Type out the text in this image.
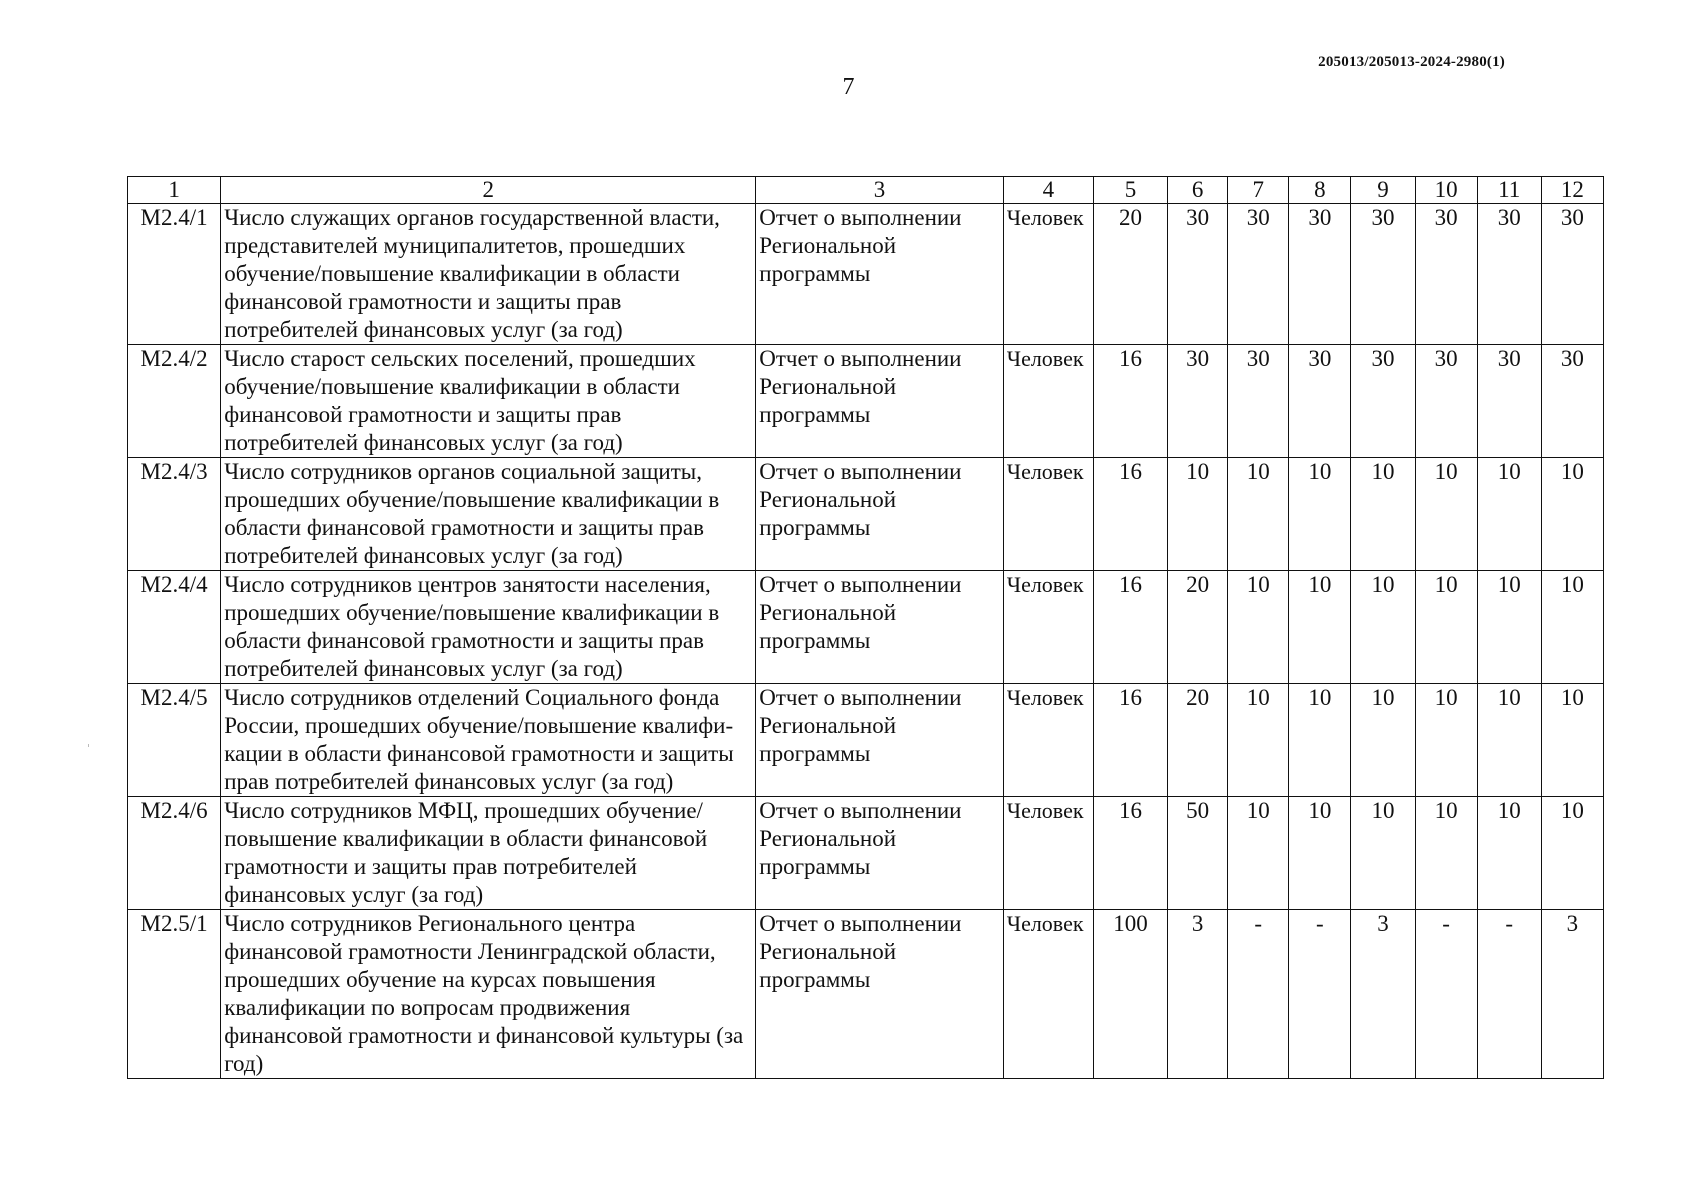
205013/205013-2024-2980(1)
7
1	2	3	4	5	6	7	8	9	10	11	12
М2.4/1	Число служащих органов государственной власти, представителей муниципалитетов, прошедших обучение/повышение квалификации в области финансовой грамотности и защиты прав потребителей финансовых услуг (за год)	Отчет о выполнении Региональной программы	Человек	20	30	30	30	30	30	30	30
М2.4/2	Число старост сельских поселений, прошедших обучение/повышение квалификации в области финансовой грамотности и защиты прав потребителей финансовых услуг (за год)	Отчет о выполнении Региональной программы	Человек	16	30	30	30	30	30	30	30
М2.4/3	Число сотрудников органов социальной защиты, прошедших обучение/повышение квалификации в области финансовой грамотности и защиты прав потребителей финансовых услуг (за год)	Отчет о выполнении Региональной программы	Человек	16	10	10	10	10	10	10	10
М2.4/4	Число сотрудников центров занятости населения, прошедших обучение/повышение квалификации в области финансовой грамотности и защиты прав потребителей финансовых услуг (за год)	Отчет о выполнении Региональной программы	Человек	16	20	10	10	10	10	10	10
М2.4/5	Число сотрудников отделений Социального фонда России, прошедших обучение/повышение квалифи-кации в области финансовой грамотности и защиты прав потребителей финансовых услуг (за год)	Отчет о выполнении Региональной программы	Человек	16	20	10	10	10	10	10	10
М2.4/6	Число сотрудников МФЦ, прошедших обучение/повышение квалификации в области финансовой грамотности и защиты прав потребителей финансовых услуг (за год)	Отчет о выполнении Региональной программы	Человек	16	50	10	10	10	10	10	10
М2.5/1	Число сотрудников Регионального центра финансовой грамотности Ленинградской области, прошедших обучение на курсах повышения квалификации по вопросам продвижения финансовой грамотности и финансовой культуры (за год)	Отчет о выполнении Региональной программы	Человек	100	3	-	-	3	-	-	3
